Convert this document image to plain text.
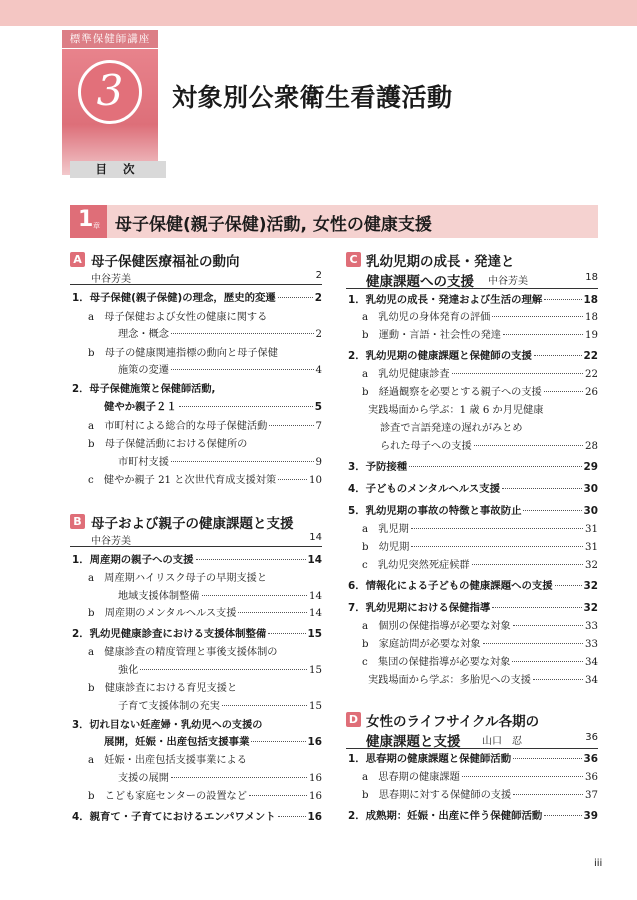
標準保健師講座
3	対象別公衆衛生看護活動
目 次
1 章 母子保健(親子保健)活動, 女性の健康支援
A 母子保健医療福祉の動向
中谷芳美	2
1．母子保健(親子保健)の理念，歴史的変遷	2
a　母子保健および女性の健康に関する
理念・概念	2
b　母子の健康関連指標の動向と母子保健
施策の変遷	4
2．母子保健施策と保健師活動,
健やか親子２１	5
a　市町村による総合的な母子保健活動	7
b　母子保健活動における保健所の
市町村支援	9
c　健やか親子 21 と次世代育成支援対策	10
B 母子および親子の健康課題と支援
中谷芳美	14
1．周産期の親子への支援	14
a　周産期ハイリスク母子の早期支援と
地域支援体制整備	14
b　周産期のメンタルヘルス支援	14
2．乳幼児健康診査における支援体制整備	15
a　健康診査の精度管理と事後支援体制の
強化	15
b　健康診査における育児支援と
子育て支援体制の充実	15
3．切れ目ない妊産婦・乳幼児への支援の
展開，妊娠・出産包括支援事業	16
a　妊娠・出産包括支援事業による
支援の展開	16
b　こども家庭センターの設置など	16
4．親育て・子育てにおけるエンパワメント	16
C 乳幼児期の成長・発達と
健康課題への支援 中谷芳美	18
1．乳幼児の成長・発達および生活の理解	18
a　乳幼児の身体発育の評価	18
b　運動・言語・社会性の発達	19
2．乳幼児期の健康課題と保健師の支援	22
a　乳幼児健康診査	22
b　経過観察を必要とする親子への支援	26
実践場面から学ぶ：1 歳 6 か月児健康
診査で言語発達の遅れがみとめ
られた母子への支援	28
3．予防接種	29
4．子どものメンタルヘルス支援	30
5．乳幼児期の事故の特徴と事故防止	30
a　乳児期	31
b　幼児期	31
c　乳幼児突然死症候群	32
6．情報化による子どもの健康課題への支援	32
7．乳幼児期における保健指導	32
a　個別の保健指導が必要な対象	33
b　家庭訪問が必要な対象	33
c　集団の保健指導が必要な対象	34
実践場面から学ぶ：多胎児への支援	34
D 女性のライフサイクル各期の
健康課題と支援 山口　忍	36
1．思春期の健康課題と保健師活動	36
a　思春期の健康課題	36
b　思春期に対する保健師の支援	37
2．成熟期：妊娠・出産に伴う保健師活動	39
iii
